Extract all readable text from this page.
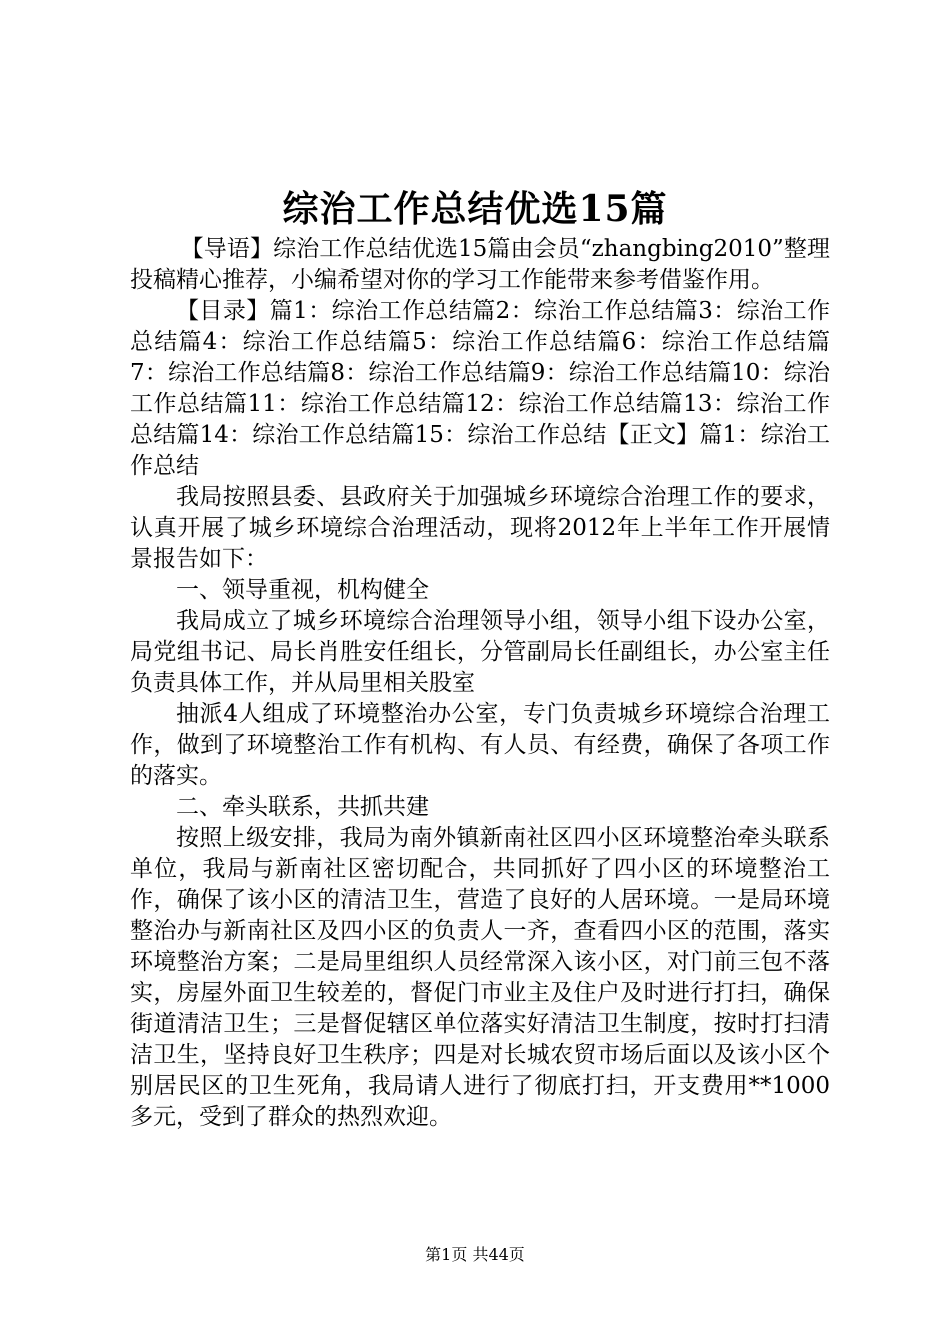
综治工作总结优选15篇

【导语】综治工作总结优选15篇由会员“zhangbing2010”整理投稿精心推荐，小编希望对你的学习工作能带来参考借鉴作用。

【目录】篇1：综治工作总结篇2：综治工作总结篇3：综治工作总结篇4：综治工作总结篇5：综治工作总结篇6：综治工作总结篇7：综治工作总结篇8：综治工作总结篇9：综治工作总结篇10：综治工作总结篇11：综治工作总结篇12：综治工作总结篇13：综治工作总结篇14：综治工作总结篇15：综治工作总结【正文】篇1：综治工作总结

我局按照县委、县政府关于加强城乡环境综合治理工作的要求，认真开展了城乡环境综合治理活动，现将2012年上半年工作开展情景报告如下：

一、领导重视，机构健全

我局成立了城乡环境综合治理领导小组，领导小组下设办公室，局党组书记、局长肖胜安任组长，分管副局长任副组长，办公室主任负责具体工作，并从局里相关股室

抽派4人组成了环境整治办公室，专门负责城乡环境综合治理工作，做到了环境整治工作有机构、有人员、有经费，确保了各项工作的落实。

二、牵头联系，共抓共建

按照上级安排，我局为南外镇新南社区四小区环境整治牵头联系单位，我局与新南社区密切配合，共同抓好了四小区的环境整治工作，确保了该小区的清洁卫生，营造了良好的人居环境。一是局环境整治办与新南社区及四小区的负责人一齐，查看四小区的范围，落实环境整治方案；二是局里组织人员经常深入该小区，对门前三包不落实，房屋外面卫生较差的，督促门市业主及住户及时进行打扫，确保街道清洁卫生；三是督促辖区单位落实好清洁卫生制度，按时打扫清洁卫生，坚持良好卫生秩序；四是对长城农贸市场后面以及该小区个别居民区的卫生死角，我局请人进行了彻底打扫，开支费用**1000多元，受到了群众的热烈欢迎。

第1页 共44页
